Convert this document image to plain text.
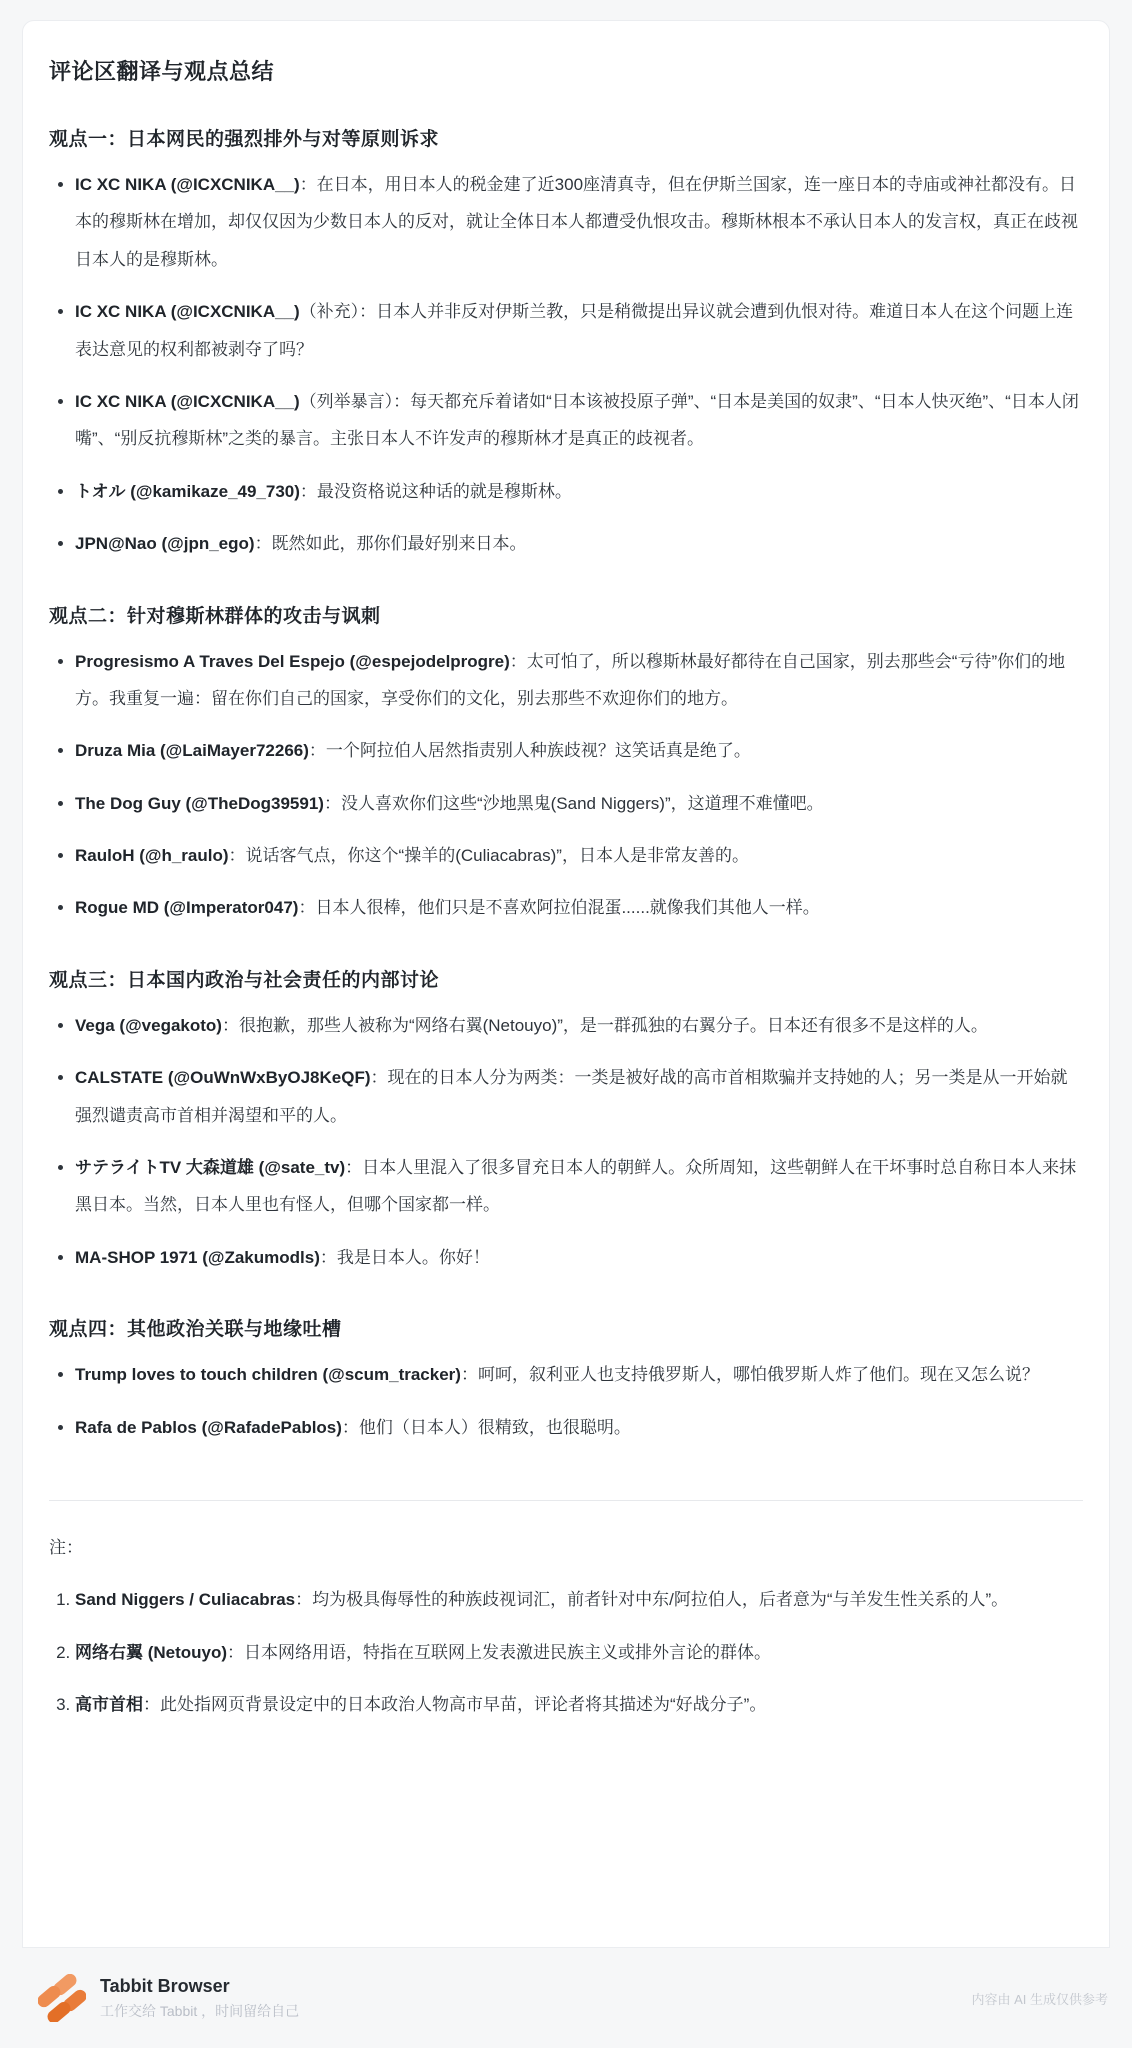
评论区翻译与观点总结
观点一：日本网民的强烈排外与对等原则诉求
• IC XC NIKA (@ICXCNIKA__)：在日本，用日本人的税金建了近300座清真寺，但在伊斯兰国家，连一座日本的寺庙或神社都没有。日本的穆斯林在增加，却仅仅因为少数日本人的反对，就让全体日本人都遭受仇恨攻击。穆斯林根本不承认日本人的发言权，真正在歧视日本人的是穆斯林。
• IC XC NIKA (@ICXCNIKA__)（补充）：日本人并非反对伊斯兰教，只是稍微提出异议就会遭到仇恨对待。难道日本人在这个问题上连表达意见的权利都被剥夺了吗？
• IC XC NIKA (@ICXCNIKA__)（列举暴言）：每天都充斥着诸如“日本该被投原子弹”、“日本是美国的奴隶”、“日本人快灭绝”、“日本人闭嘴”、“别反抗穆斯林”之类的暴言。主张日本人不许发声的穆斯林才是真正的歧视者。
• トオル (@kamikaze_49_730)：最没资格说这种话的就是穆斯林。
• JPN@Nao (@jpn_ego)：既然如此，那你们最好别来日本。
观点二：针对穆斯林群体的攻击与讽刺
• Progresismo A Traves Del Espejo (@espejodelprogre)：太可怕了，所以穆斯林最好都待在自己国家，别去那些会“亏待”你们的地方。我重复一遍：留在你们自己的国家，享受你们的文化，别去那些不欢迎你们的地方。
• Druza Mia (@LaiMayer72266)：一个阿拉伯人居然指责别人种族歧视？这笑话真是绝了。
• The Dog Guy (@TheDog39591)：没人喜欢你们这些“沙地黑鬼(Sand Niggers)”，这道理不难懂吧。
• RauloH (@h_raulo)：说话客气点，你这个“操羊的(Culiacabras)”，日本人是非常友善的。
• Rogue MD (@Imperator047)：日本人很棒，他们只是不喜欢阿拉伯混蛋......就像我们其他人一样。
观点三：日本国内政治与社会责任的内部讨论
• Vega (@vegakoto)：很抱歉，那些人被称为“网络右翼(Netouyo)”，是一群孤独的右翼分子。日本还有很多不是这样的人。
• CALSTATE (@OuWnWxByOJ8KeQF)：现在的日本人分为两类：一类是被好战的高市首相欺骗并支持她的人；另一类是从一开始就强烈谴责高市首相并渴望和平的人。
• サテライトTV 大森道雄 (@sate_tv)：日本人里混入了很多冒充日本人的朝鲜人。众所周知，这些朝鲜人在干坏事时总自称日本人来抹黑日本。当然，日本人里也有怪人，但哪个国家都一样。
• MA-SHOP 1971 (@Zakumodls)：我是日本人。你好！
观点四：其他政治关联与地缘吐槽
• Trump loves to touch children (@scum_tracker)：呵呵，叙利亚人也支持俄罗斯人，哪怕俄罗斯人炸了他们。现在又怎么说？
• Rafa de Pablos (@RafadePablos)：他们（日本人）很精致，也很聪明。
注：
1. Sand Niggers / Culiacabras：均为极具侮辱性的种族歧视词汇，前者针对中东/阿拉伯人，后者意为“与羊发生性关系的人”。
2. 网络右翼 (Netouyo)：日本网络用语，特指在互联网上发表激进民族主义或排外言论的群体。
3. 高市首相：此处指网页背景设定中的日本政治人物高市早苗，评论者将其描述为“好战分子”。
Tabbit Browser
工作交给 Tabbit ，时间留给自己
内容由 AI 生成仅供参考
